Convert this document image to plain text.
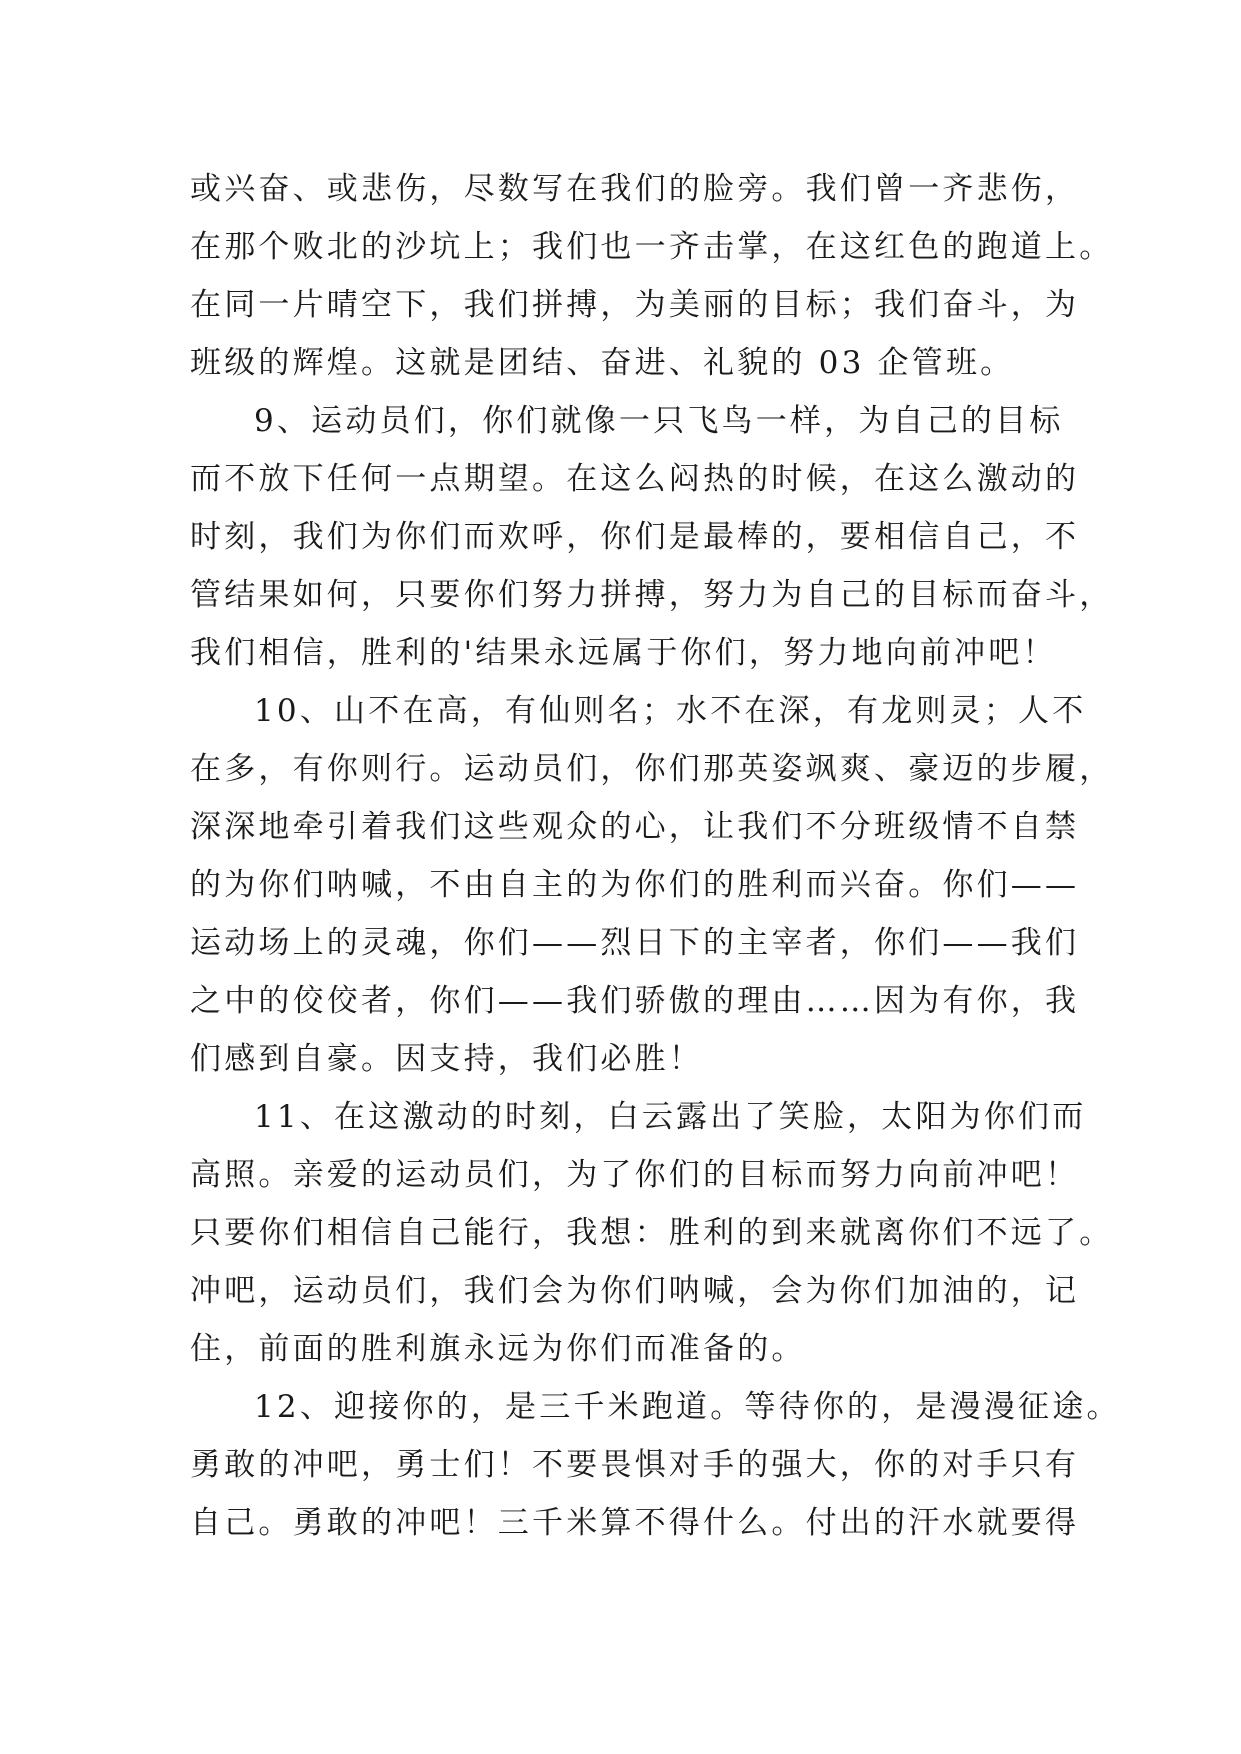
或兴奋、或悲伤，尽数写在我们的脸旁。我们曾一齐悲伤，
在那个败北的沙坑上；我们也一齐击掌，在这红色的跑道上。
在同一片晴空下，我们拼搏，为美丽的目标；我们奋斗，为
班级的辉煌。这就是团结、奋进、礼貌的 03 企管班。
9、运动员们，你们就像一只飞鸟一样，为自己的目标
而不放下任何一点期望。在这么闷热的时候，在这么激动的
时刻，我们为你们而欢呼，你们是最棒的，要相信自己，不
管结果如何，只要你们努力拼搏，努力为自己的目标而奋斗，
我们相信，胜利的'结果永远属于你们，努力地向前冲吧！
10、山不在高，有仙则名；水不在深，有龙则灵；人不
在多，有你则行。运动员们，你们那英姿飒爽、豪迈的步履，
深深地牵引着我们这些观众的心，让我们不分班级情不自禁
的为你们呐喊，不由自主的为你们的胜利而兴奋。你们——
运动场上的灵魂，你们——烈日下的主宰者，你们——我们
之中的佼佼者，你们——我们骄傲的理由……因为有你，我
们感到自豪。因支持，我们必胜！
11、在这激动的时刻，白云露出了笑脸，太阳为你们而
高照。亲爱的运动员们，为了你们的目标而努力向前冲吧！
只要你们相信自己能行，我想：胜利的到来就离你们不远了。
冲吧，运动员们，我们会为你们呐喊，会为你们加油的，记
住，前面的胜利旗永远为你们而准备的。
12、迎接你的，是三千米跑道。等待你的，是漫漫征途。
勇敢的冲吧，勇士们！不要畏惧对手的强大，你的对手只有
自己。勇敢的冲吧！三千米算不得什么。付出的汗水就要得
